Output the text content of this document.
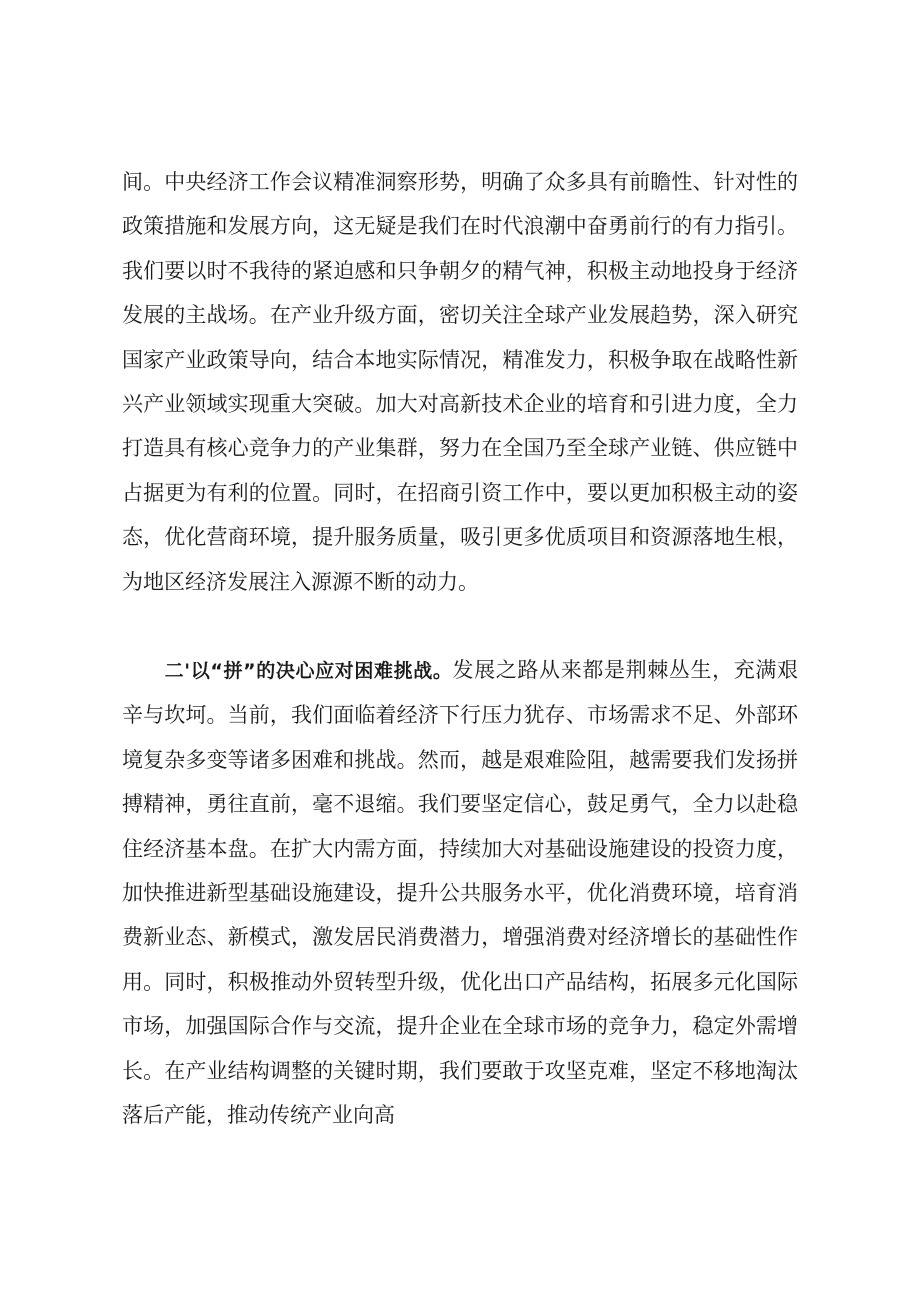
间。中央经济工作会议精准洞察形势，明确了众多具有前瞻性、针对性的政策措施和发展方向，这无疑是我们在时代浪潮中奋勇前行的有力指引。我们要以时不我待的紧迫感和只争朝夕的精气神，积极主动地投身于经济发展的主战场。在产业升级方面，密切关注全球产业发展趋势，深入研究国家产业政策导向，结合本地实际情况，精准发力，积极争取在战略性新兴产业领域实现重大突破。加大对高新技术企业的培育和引进力度，全力打造具有核心竞争力的产业集群，努力在全国乃至全球产业链、供应链中占据更为有利的位置。同时，在招商引资工作中，要以更加积极主动的姿态，优化营商环境，提升服务质量，吸引更多优质项目和资源落地生根，为地区经济发展注入源源不断的动力。
二'以“拼”的决心应对困难挑战。发展之路从来都是荆棘丛生，充满艰辛与坎坷。当前，我们面临着经济下行压力犹存、市场需求不足、外部环境复杂多变等诸多困难和挑战。然而，越是艰难险阻，越需要我们发扬拼搏精神，勇往直前，毫不退缩。我们要坚定信心，鼓足勇气，全力以赴稳住经济基本盘。在扩大内需方面，持续加大对基础设施建设的投资力度，加快推进新型基础设施建设，提升公共服务水平，优化消费环境，培育消费新业态、新模式，激发居民消费潜力，增强消费对经济增长的基础性作用。同时，积极推动外贸转型升级，优化出口产品结构，拓展多元化国际市场，加强国际合作与交流，提升企业在全球市场的竞争力，稳定外需增长。在产业结构调整的关键时期，我们要敢于攻坚克难，坚定不移地淘汰落后产能，推动传统产业向高
